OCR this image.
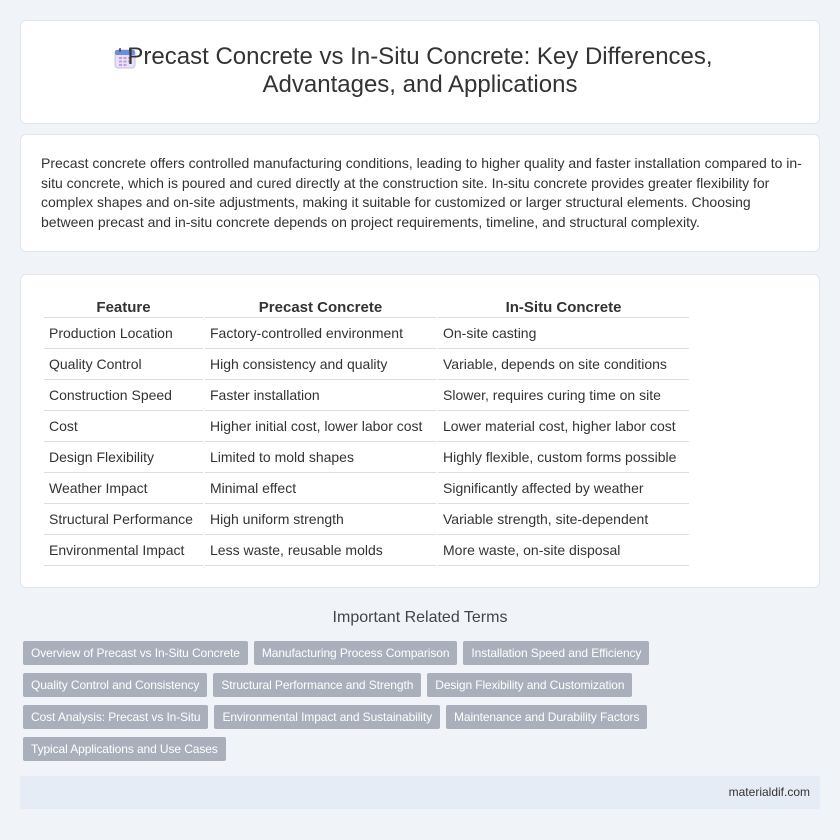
Precast Concrete vs In-Situ Concrete: Key Differences, Advantages, and Applications

Precast concrete offers controlled manufacturing conditions, leading to higher quality and faster installation compared to in-situ concrete, which is poured and cured directly at the construction site. In-situ concrete provides greater flexibility for complex shapes and on-site adjustments, making it suitable for customized or larger structural elements. Choosing between precast and in-situ concrete depends on project requirements, timeline, and structural complexity.

Feature	Precast Concrete	In-Situ Concrete
Production Location	Factory-controlled environment	On-site casting
Quality Control	High consistency and quality	Variable, depends on site conditions
Construction Speed	Faster installation	Slower, requires curing time on site
Cost	Higher initial cost, lower labor cost	Lower material cost, higher labor cost
Design Flexibility	Limited to mold shapes	Highly flexible, custom forms possible
Weather Impact	Minimal effect	Significantly affected by weather
Structural Performance	High uniform strength	Variable strength, site-dependent
Environmental Impact	Less waste, reusable molds	More waste, on-site disposal
Important Related Terms
Overview of Precast vs In-Situ Concrete Manufacturing Process Comparison Installation Speed and EfficiencyQuality Control and Consistency Structural Performance and Strength Design Flexibility and CustomizationCost Analysis: Precast vs In-Situ Environmental Impact and Sustainability Maintenance and Durability FactorsTypical Applications and Use Cases
materialdif.com
